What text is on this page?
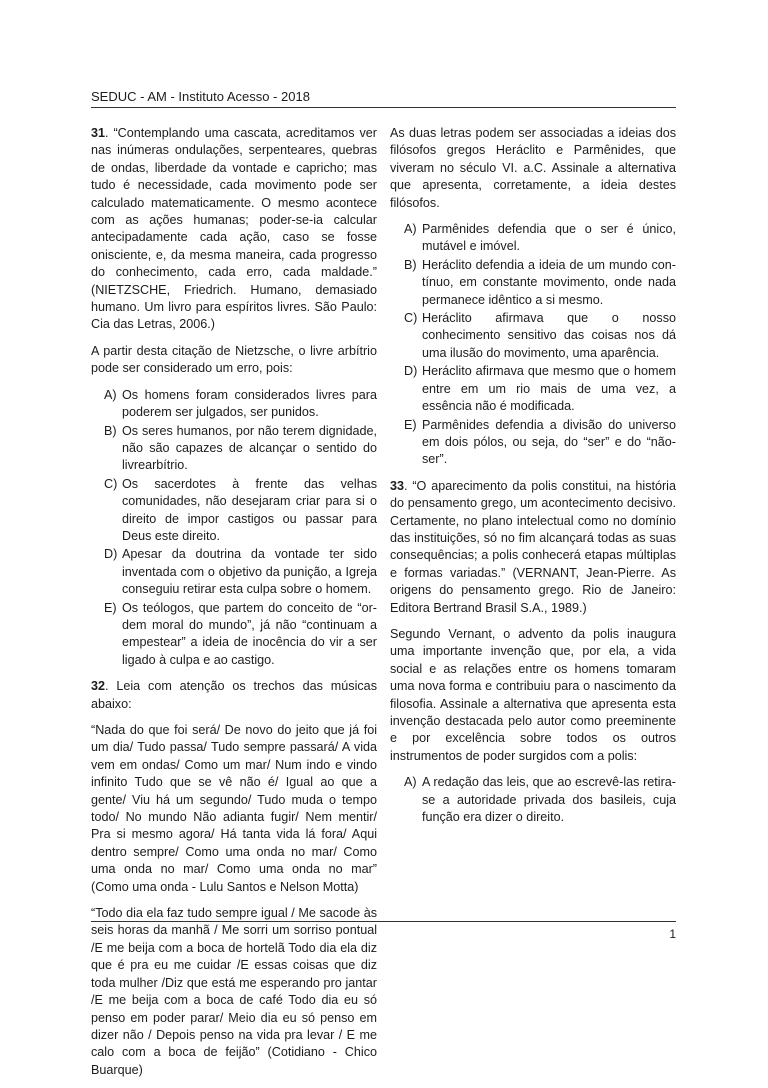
SEDUC - AM - Instituto Acesso - 2018

31. “Contemplando uma cascata, acreditamos ver nas inúmeras ondulações, serpenteares, quebras de ondas, liberdade da vontade e capricho; mas tudo é necessidade, cada movimento pode ser calculado matematicamente. O mesmo acontece com as ações humanas; poder-se-ia calcular antecipadamente cada ação, caso se fosse onisciente, e, da mesma maneira, cada progresso do conhecimento, cada erro, cada maldade.” (NIETZSCHE, Friedrich. Humano, demasiado humano. Um livro para espíritos livres. São Paulo: Cia das Letras, 2006.)

A partir desta citação de Nietzsche, o livre arbítrio pode ser considerado um erro, pois:

A) Os homens foram considerados livres para poderem ser julgados, ser punidos.
B) Os seres humanos, por não terem dignidade, não são capazes de alcançar o sentido do livrearbítrio.
C) Os sacerdotes à frente das velhas comunidades, não desejaram criar para si o direito de impor castigos ou passar para Deus este direito.
D) Apesar da doutrina da vontade ter sido inventada com o objetivo da punição, a Igreja conseguiu retirar esta culpa sobre o homem.
E) Os teólogos, que partem do conceito de “ordem moral do mundo”, já não “continuam a empestear” a ideia de inocência do vir a ser ligado à culpa e ao castigo.

32. Leia com atenção os trechos das músicas abaixo:

“Nada do que foi será/ De novo do jeito que já foi um dia/ Tudo passa/ Tudo sempre passará/ A vida vem em ondas/ Como um mar/ Num indo e vindo infinito Tudo que se vê não é/ Igual ao que a gente/ Viu há um segundo/ Tudo muda o tempo todo/ No mundo Não adianta fugir/ Nem mentir/ Pra si mesmo agora/ Há tanta vida lá fora/ Aqui dentro sempre/ Como uma onda no mar/ Como uma onda no mar/ Como uma onda no mar” (Como uma onda - Lulu Santos e Nelson Motta)

“Todo dia ela faz tudo sempre igual / Me sacode às seis horas da manhã / Me sorri um sorriso pontual /E me beija com a boca de hortelã Todo dia ela diz que é pra eu me cuidar /E essas coisas que diz toda mulher /Diz que está me esperando pro jantar /E me beija com a boca de café Todo dia eu só penso em poder parar/ Meio dia eu só penso em dizer não / Depois penso na vida pra levar / E me calo com a boca de feijão” (Cotidiano - Chico Buarque)

As duas letras podem ser associadas a ideias dos filósofos gregos Heráclito e Parmênides, que viveram no século VI. a.C. Assinale a alternativa que apresenta, corretamente, a ideia destes filósofos.

A) Parmênides defendia que o ser é único, mutável e imóvel.
B) Heráclito defendia a ideia de um mundo contínuo, em constante movimento, onde nada permanece idêntico a si mesmo.
C) Heráclito afirmava que o nosso conhecimento sensitivo das coisas nos dá uma ilusão do movimento, uma aparência.
D) Heráclito afirmava que mesmo que o homem entre em um rio mais de uma vez, a essência não é modificada.
E) Parmênides defendia a divisão do universo em dois pólos, ou seja, do “ser” e do “não-ser”.

33. “O aparecimento da polis constitui, na história do pensamento grego, um acontecimento decisivo. Certamente, no plano intelectual como no domínio das instituições, só no fim alcançará todas as suas consequências; a polis conhecerá etapas múltiplas e formas variadas.” (VERNANT, Jean-Pierre. As origens do pensamento grego. Rio de Janeiro: Editora Bertrand Brasil S.A., 1989.)

Segundo Vernant, o advento da polis inaugura uma importante invenção que, por ela, a vida social e as relações entre os homens tomaram uma nova forma e contribuiu para o nascimento da filosofia. Assinale a alternativa que apresenta esta invenção destacada pelo autor como preeminente e por excelência sobre todos os outros instrumentos de poder surgidos com a polis:

A) A redação das leis, que ao escrevê-las retira-se a autoridade privada dos basileis, cuja função era dizer o direito.
1
